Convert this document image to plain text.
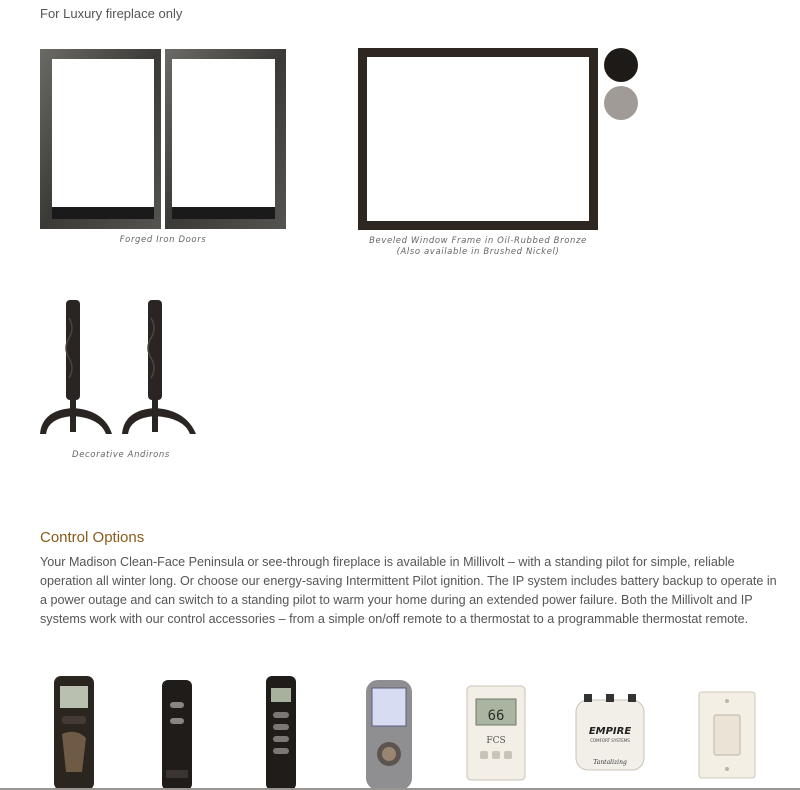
For Luxury fireplace only
Forged Iron Doors	Beveled Window Frame in Oil-Rubbed Bronze
(Also available in Brushed Nickel)
Decorative Andirons
Control Options
Your Madison Clean-Face Peninsula or see-through fireplace is available in Millivolt – with a standing pilot for simple, reliable operation all winter long. Or choose our energy-saving Intermittent Pilot ignition. The IP system includes battery backup to operate in a power outage and can switch to a standing pilot to warm your home during an extended power failure. Both the Millivolt and IP systems work with our control accessories – from a simple on/off remote to a thermostat to a programmable thermostat remote.
66
FCS
EMPIRE
COMFORT SYSTEMS
Tantalizing
